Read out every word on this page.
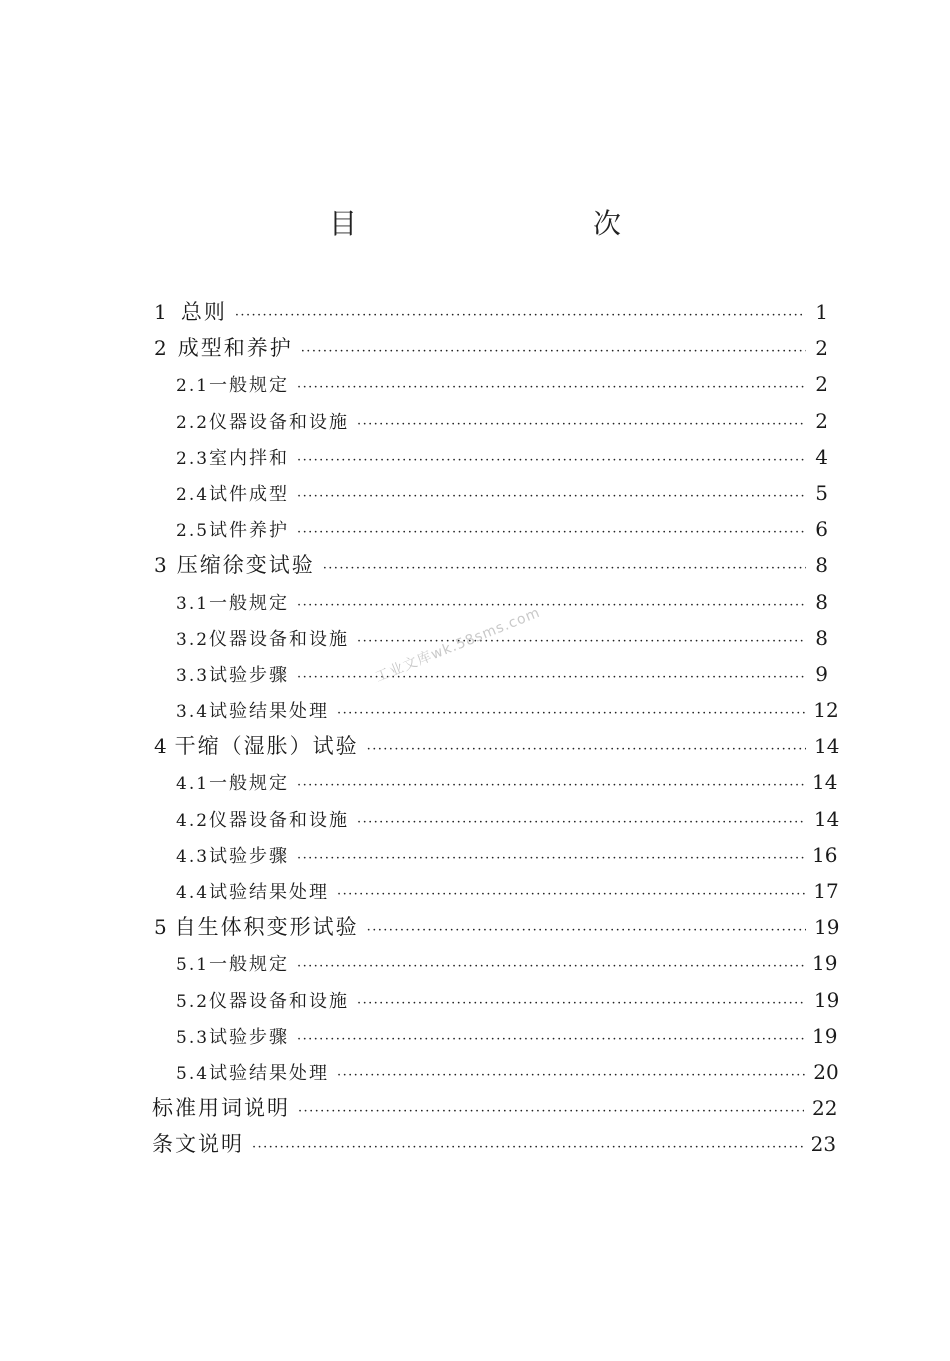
目　　次
1 总则 ·····	1
2 成型和养护 ·····	2
2.1 一般规定 ·····	2
2.2 仪器设备和设施 ·····	2
2.3 室内拌和 ·····	4
2.4 试件成型 ·····	5
2.5 试件养护 ·····	6
3 压缩徐变试验 ·····	8
3.1 一般规定 ·····	8
3.2 仪器设备和设施 ·····	8
3.3 试验步骤 ·····	9
3.4 试验结果处理 ·····	12
4 干缩（湿胀）试验 ·····	14
4.1 一般规定 ·····	14
4.2 仪器设备和设施 ·····	14
4.3 试验步骤 ·····	16
4.4 试验结果处理 ·····	17
5 自生体积变形试验 ·····	19
5.1 一般规定 ·····	19
5.2 仪器设备和设施 ·····	19
5.3 试验步骤 ·····	19
5.4 试验结果处理 ·····	20
标准用词说明 ·····	22
条文说明 ·····	23
工业文库wk.58sms.com
